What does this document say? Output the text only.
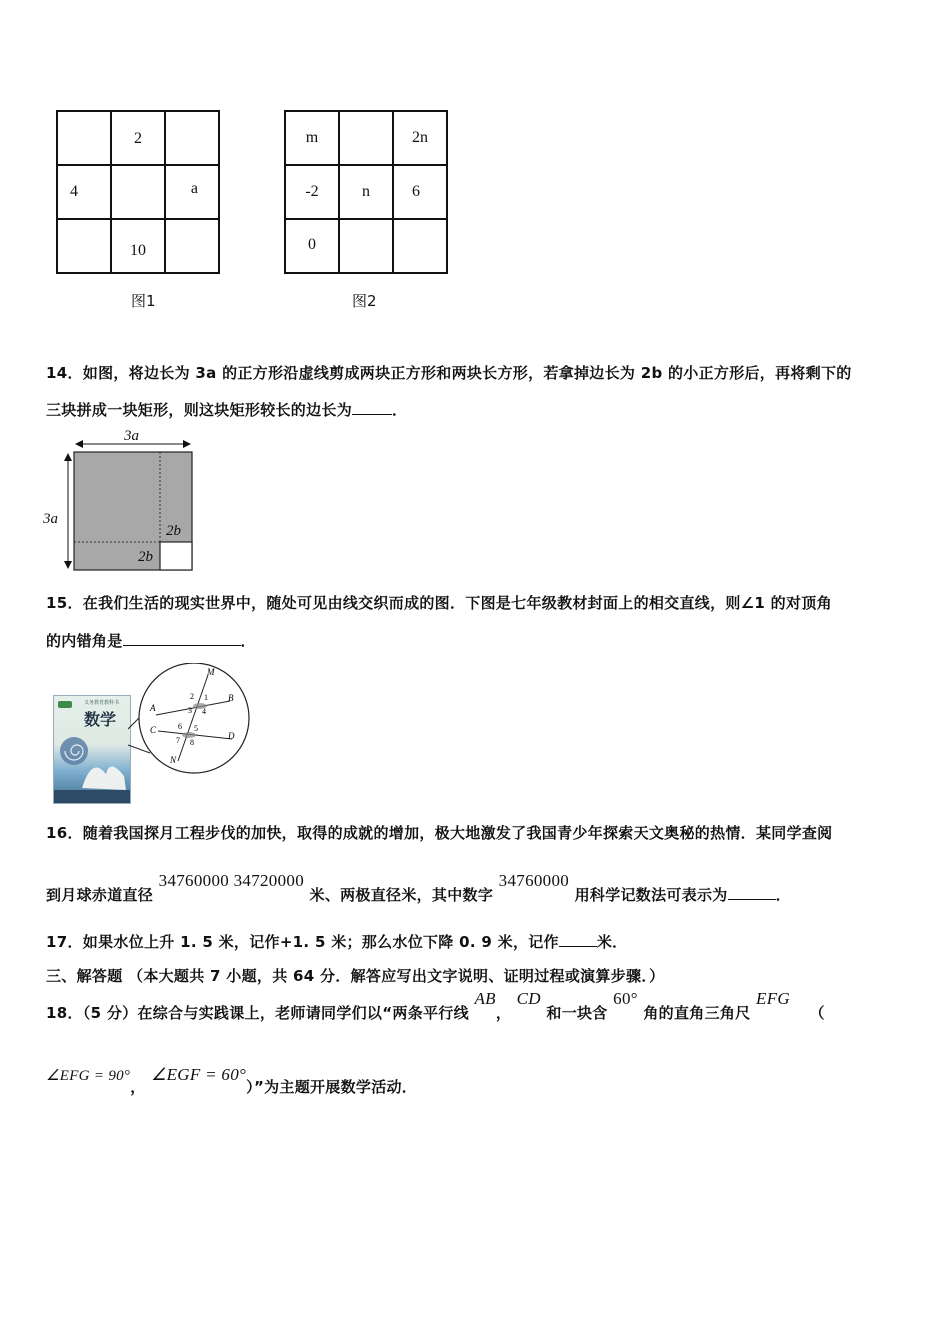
	2	
4		a
	10	
图1
m		2n
-2	n	6
0		
图2
14．如图，将边长为 3a 的正方形沿虚线剪成两块正方形和两块长方形，若拿掉边长为 2b 的小正方形后，再将剩下的
三块拼成一块矩形，则这块矩形较长的边长为	．
3a
3a
2b
2b
15．在我们生活的现实世界中，随处可见由线交织而成的图．下图是七年级教材封面上的相交直线，则∠1 的对顶角
的内错角是	．
义务教育教科书
数学
M
N
A
B
C
D
2 1
3 4
6 5
7 8
16．随着我国探月工程步伐的加快，取得的成就的增加，极大地激发了我国青少年探索天文奥秘的热情．某同学查阅
到月球赤道直径 34760000 34720000 米、两极直径米，其中数字 34760000 用科学记数法可表示为	．
17．如果水位上升 1. 5 米，记作+1. 5 米；那么水位下降 0. 9 米，记作	米．
三、解答题 （本大题共 7 小题，共 64 分．解答应写出文字说明、证明过程或演算步骤．）
18．（5 分）在综合与实践课上，老师请同学们以“两条平行线 AB， CD 和一块含 60° 角的直角三角尺 EFG （
∠EFG = 90°， ∠EGF = 60°）”为主题开展数学活动．
